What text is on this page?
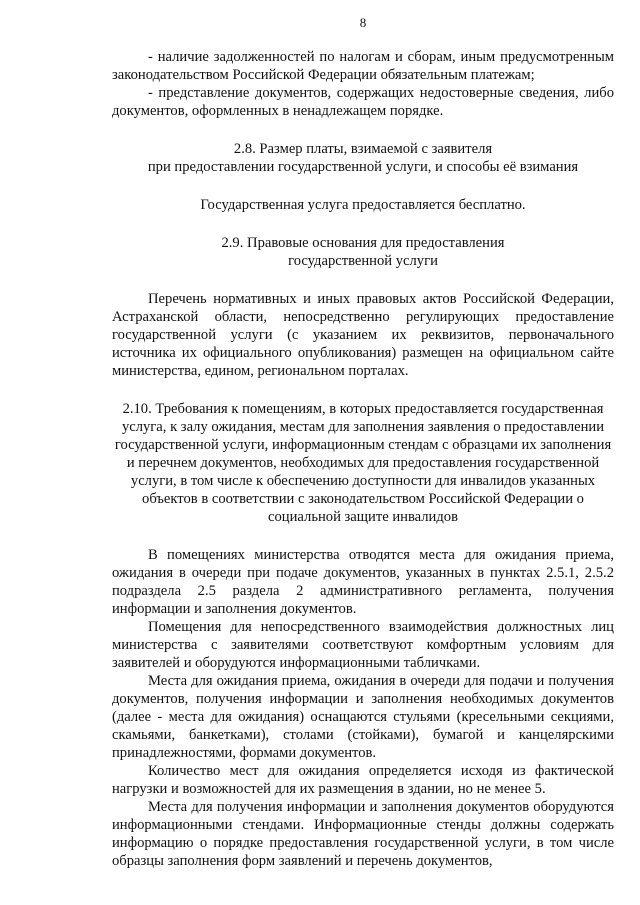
8

- наличие задолженностей по налогам и сборам, иным предусмотренным законодательством Российской Федерации обязательным платежам;

- представление документов, содержащих недостоверные сведения, либо документов, оформленных в ненадлежащем порядке.

2.8. Размер платы, взимаемой с заявителя

при предоставлении государственной услуги, и способы её взимания

Государственная услуга предоставляется бесплатно.

2.9. Правовые основания для предоставления

государственной услуги

Перечень нормативных и иных правовых актов Российской Федерации, Астраханской области, непосредственно регулирующих предоставление государственной услуги (с указанием их реквизитов, первоначального источника их официального опубликования) размещен на официальном сайте министерства, едином, региональном порталах.

2.10. Требования к помещениям, в которых предоставляется государственная услуга, к залу ожидания, местам для заполнения заявления о предоставлении государственной услуги, информационным стендам с образцами их заполнения и перечнем документов, необходимых для предоставления государственной услуги, в том числе к обеспечению доступности для инвалидов указанных объектов в соответствии с законодательством Российской Федерации о социальной защите инвалидов

В помещениях министерства отводятся места для ожидания приема, ожидания в очереди при подаче документов, указанных в пунктах 2.5.1, 2.5.2 подраздела 2.5 раздела 2 административного регламента, получения информации и заполнения документов.

Помещения для непосредственного взаимодействия должностных лиц министерства с заявителями соответствуют комфортным условиям для заявителей и оборудуются информационными табличками.

Места для ожидания приема, ожидания в очереди для подачи и получения документов, получения информации и заполнения необходимых документов (далее - места для ожидания) оснащаются стульями (кресельными секциями, скамьями, банкетками), столами (стойками), бумагой и канцелярскими принадлежностями, формами документов.

Количество мест для ожидания определяется исходя из фактической нагрузки и возможностей для их размещения в здании, но не менее 5.

Места для получения информации и заполнения документов оборудуются информационными стендами. Информационные стенды должны содержать информацию о порядке предоставления государственной услуги, в том числе образцы заполнения форм заявлений и перечень документов,
